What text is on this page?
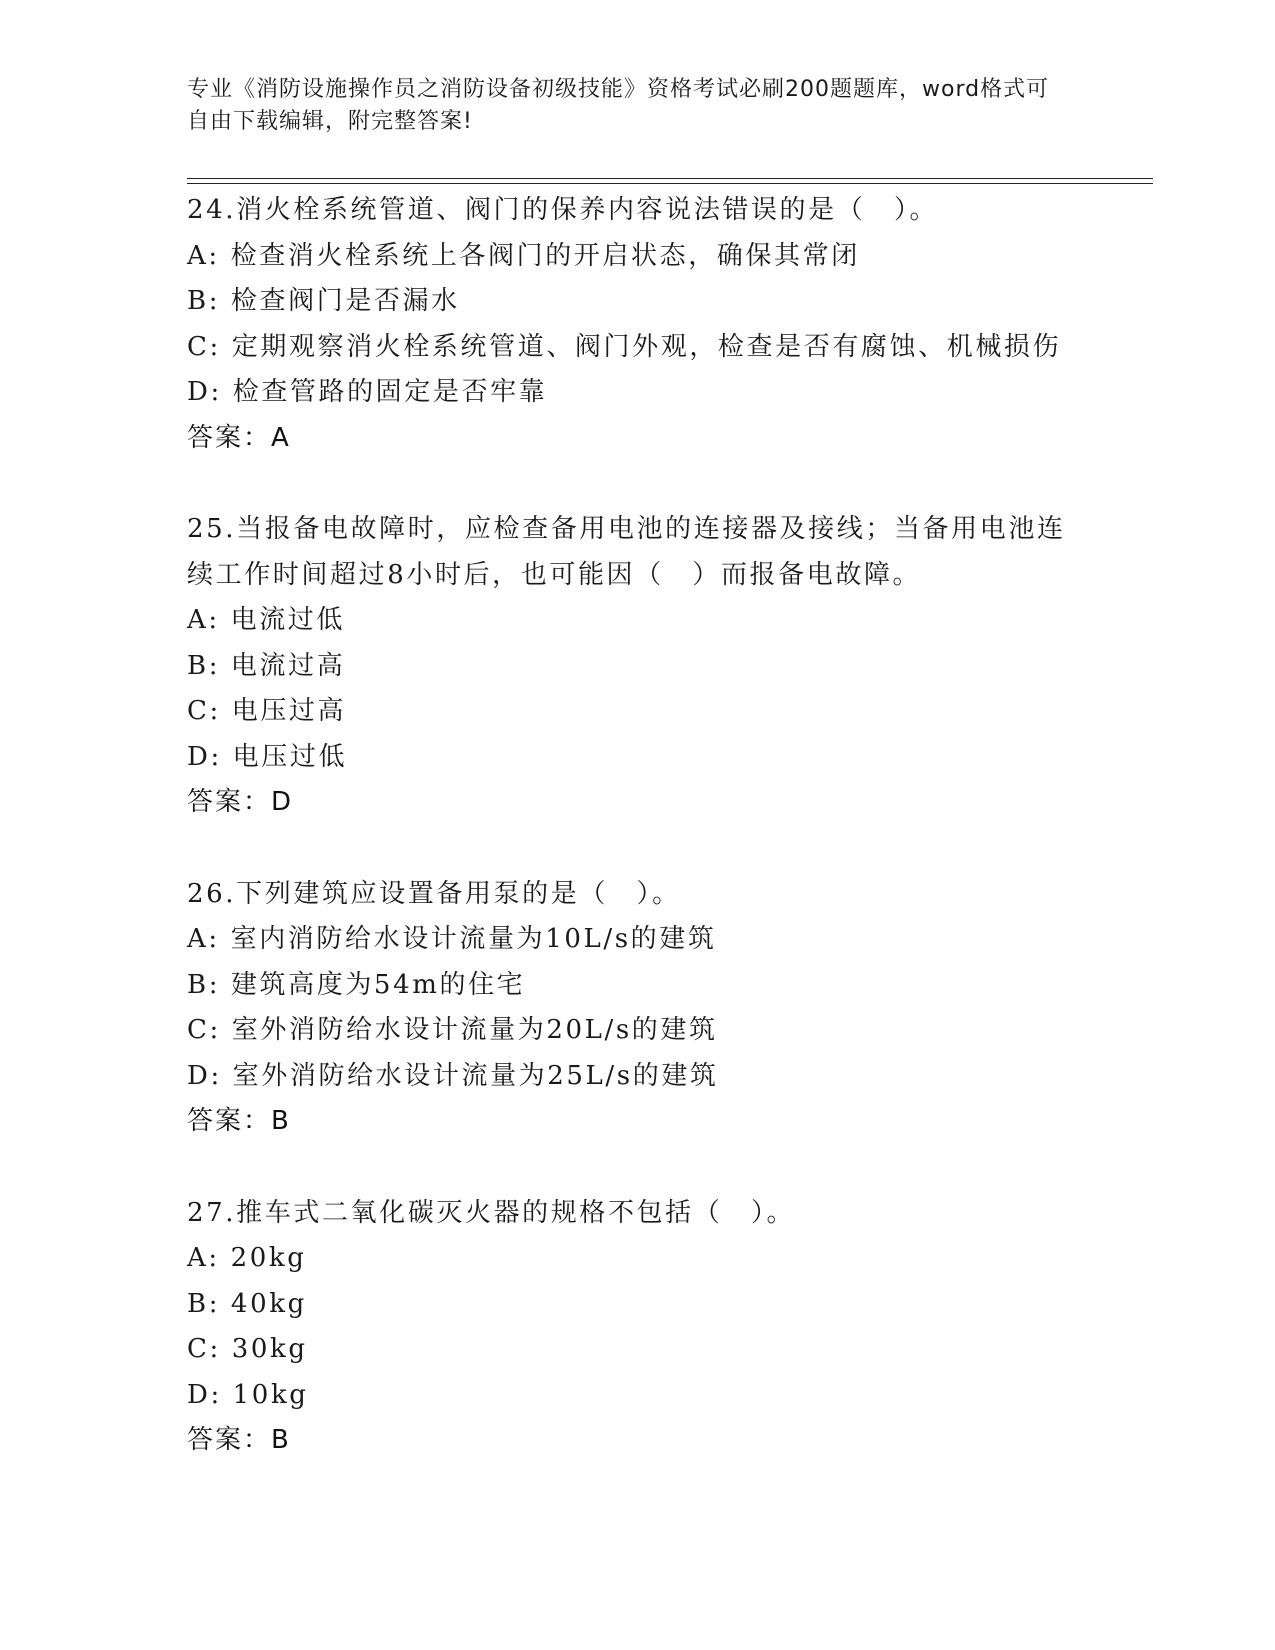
专业《消防设施操作员之消防设备初级技能》资格考试必刷200题题库，word格式可自由下载编辑，附完整答案!
24.消火栓系统管道、阀门的保养内容说法错误的是（　）。
A: 检查消火栓系统上各阀门的开启状态，确保其常闭
B: 检查阀门是否漏水
C: 定期观察消火栓系统管道、阀门外观，检查是否有腐蚀、机械损伤
D: 检查管路的固定是否牢靠
答案：A
25.当报备电故障时，应检查备用电池的连接器及接线；当备用电池连续工作时间超过8小时后，也可能因（　）而报备电故障。
A: 电流过低
B: 电流过高
C: 电压过高
D: 电压过低
答案：D
26.下列建筑应设置备用泵的是（　）。
A: 室内消防给水设计流量为10L/s的建筑
B: 建筑高度为54m的住宅
C: 室外消防给水设计流量为20L/s的建筑
D: 室外消防给水设计流量为25L/s的建筑
答案：B
27.推车式二氧化碳灭火器的规格不包括（　）。
A: 20kg
B: 40kg
C: 30kg
D: 10kg
答案：B
